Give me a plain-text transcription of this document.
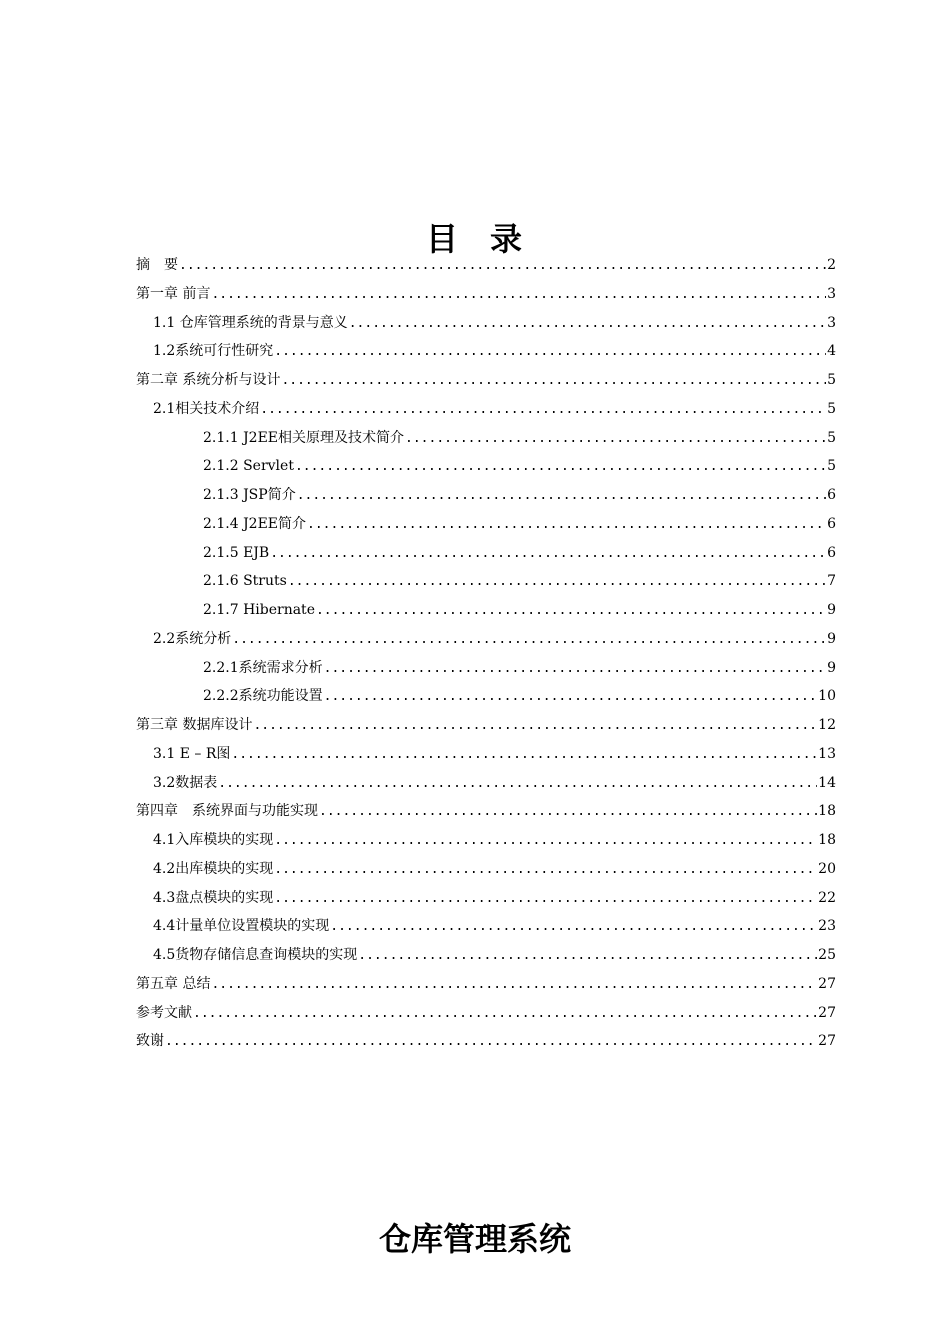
目 录
摘　要 .....	2
第一章 前言 .....	3
1.1 仓库管理系统的背景与意义 .....	3
1.2系统可行性研究 .....	4
第二章 系统分析与设计 .....	5
2.1相关技术介绍 .....	5
2.1.1 J2EE相关原理及技术简介 .....	5
2.1.2 Servlet .....	5
2.1.3 JSP简介 .....	6
2.1.4 J2EE简介 .....	6
2.1.5 EJB .....	6
2.1.6 Struts .....	7
2.1.7 Hibernate .....	9
2.2系统分析 .....	9
2.2.1系统需求分析 .....	9
2.2.2系统功能设置 .....	10
第三章 数据库设计 .....	12
3.1 E – R图 .....	13
3.2数据表 .....	14
第四章　系统界面与功能实现 .....	18
4.1入库模块的实现 .....	18
4.2出库模块的实现 .....	20
4.3盘点模块的实现 .....	22
4.4计量单位设置模块的实现 .....	23
4.5货物存储信息查询模块的实现 .....	25
第五章 总结 .....	27
参考文献 .....	27
致谢 .....	27
仓库管理系统
